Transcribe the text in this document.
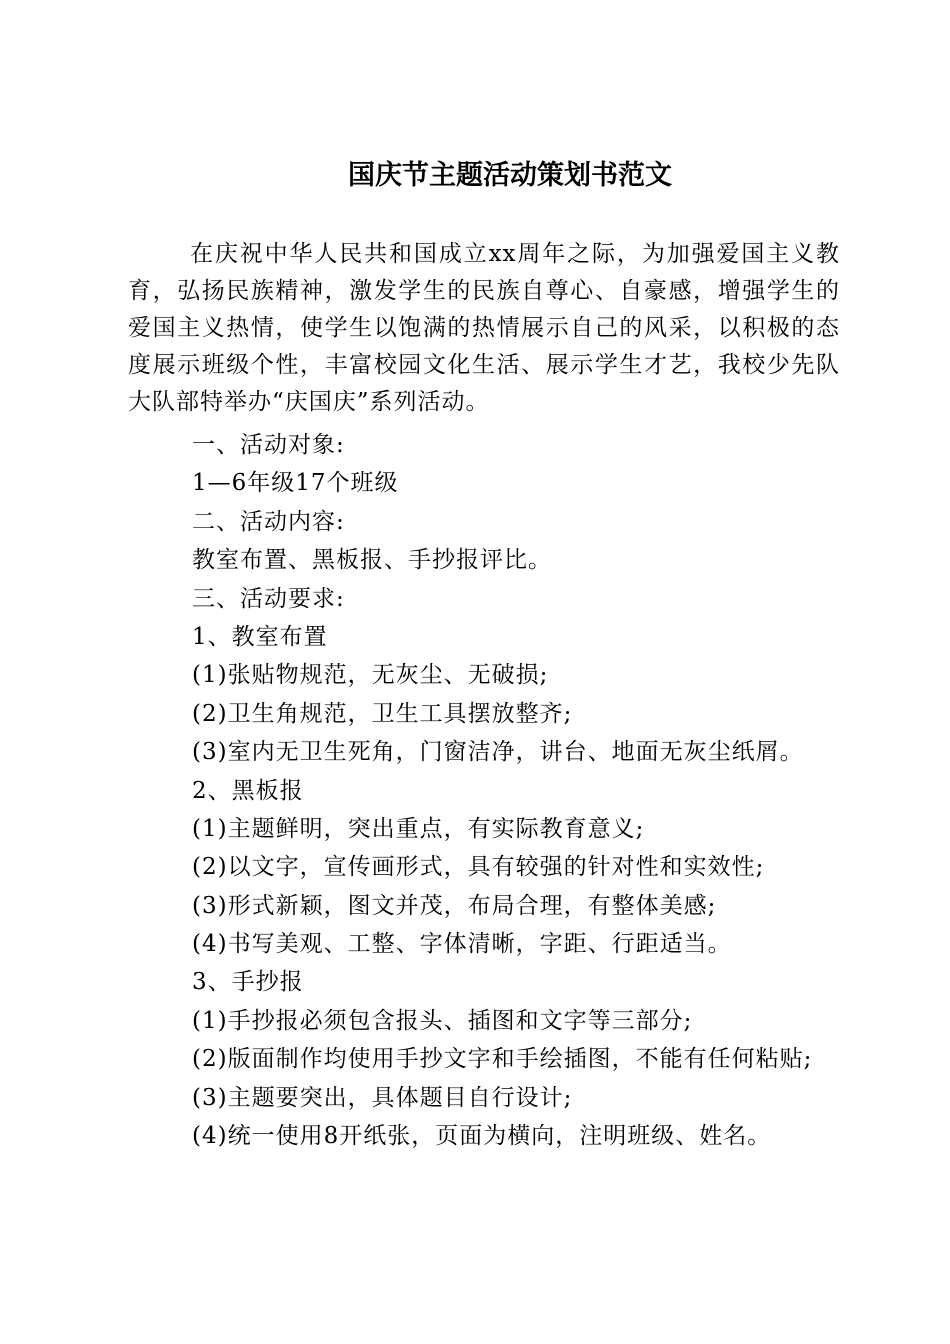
国庆节主题活动策划书范文
在庆祝中华人民共和国成立xx周年之际，为加强爱国主义教育，弘扬民族精神，激发学生的民族自尊心、自豪感，增强学生的爱国主义热情，使学生以饱满的热情展示自己的风采，以积极的态度展示班级个性，丰富校园文化生活、展示学生才艺，我校少先队大队部特举办“庆国庆”系列活动。
一、活动对象:
1—6年级17个班级
二、活动内容:
教室布置、黑板报、手抄报评比。
三、活动要求:
1、教室布置
(1)张贴物规范，无灰尘、无破损;
(2)卫生角规范，卫生工具摆放整齐;
(3)室内无卫生死角，门窗洁净，讲台、地面无灰尘纸屑。
2、黑板报
(1)主题鲜明，突出重点，有实际教育意义;
(2)以文字，宣传画形式，具有较强的针对性和实效性;
(3)形式新颖，图文并茂，布局合理，有整体美感;
(4)书写美观、工整、字体清晰，字距、行距适当。
3、手抄报
(1)手抄报必须包含报头、插图和文字等三部分;
(2)版面制作均使用手抄文字和手绘插图，不能有任何粘贴;
(3)主题要突出，具体题目自行设计;
(4)统一使用8开纸张，页面为横向，注明班级、姓名。
